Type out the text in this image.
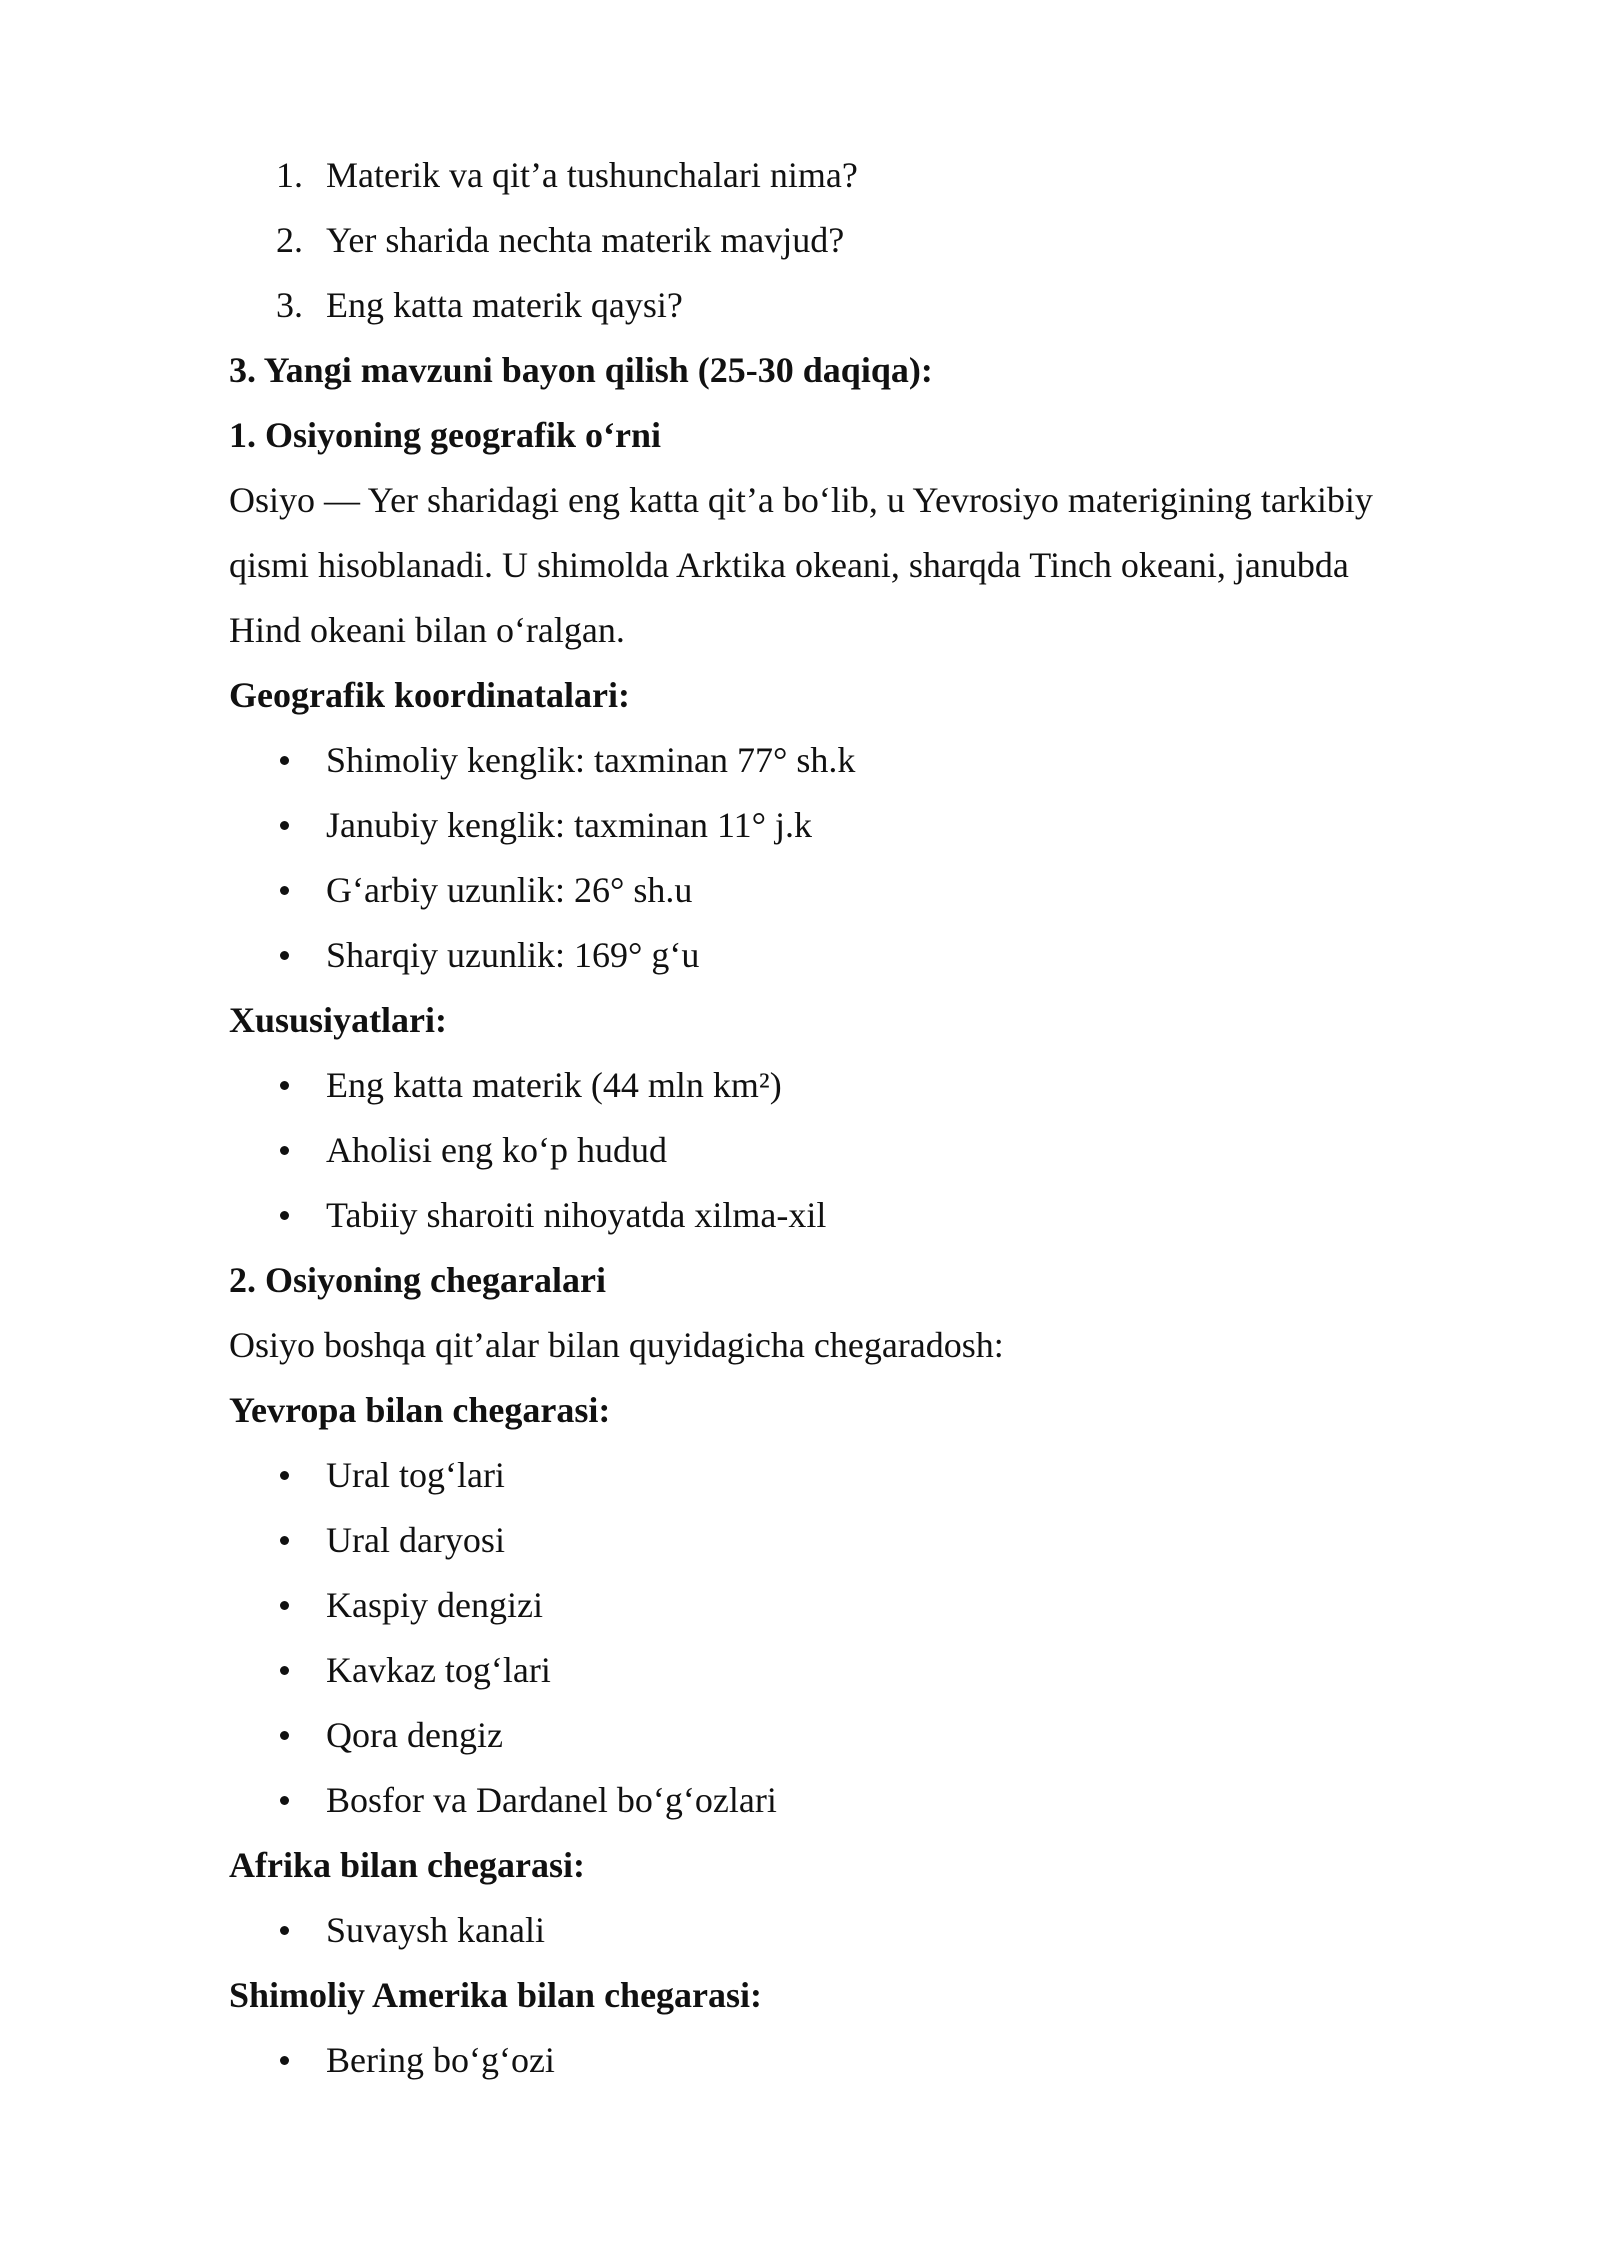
1. Materik va qit’a tushunchalari nima?
2. Yer sharida nechta materik mavjud?
3. Eng katta materik qaysi?
3. Yangi mavzuni bayon qilish (25-30 daqiqa):
1. Osiyoning geografik o‘rni
Osiyo — Yer sharidagi eng katta qit’a bo‘lib, u Yevrosiyo materigining tarkibiy
qismi hisoblanadi. U shimolda Arktika okeani, sharqda Tinch okeani, janubda
Hind okeani bilan o‘ralgan.
Geografik koordinatalari:
Shimoliy kenglik: taxminan 77° sh.k
Janubiy kenglik: taxminan 11° j.k
G‘arbiy uzunlik: 26° sh.u
Sharqiy uzunlik: 169° g‘u
Xususiyatlari:
Eng katta materik (44 mln km²)
Aholisi eng ko‘p hudud
Tabiiy sharoiti nihoyatda xilma-xil
2. Osiyoning chegaralari
Osiyo boshqa qit’alar bilan quyidagicha chegaradosh:
Yevropa bilan chegarasi:
Ural tog‘lari
Ural daryosi
Kaspiy dengizi
Kavkaz tog‘lari
Qora dengiz
Bosfor va Dardanel bo‘g‘ozlari
Afrika bilan chegarasi:
Suvaysh kanali
Shimoliy Amerika bilan chegarasi:
Bering bo‘g‘ozi
